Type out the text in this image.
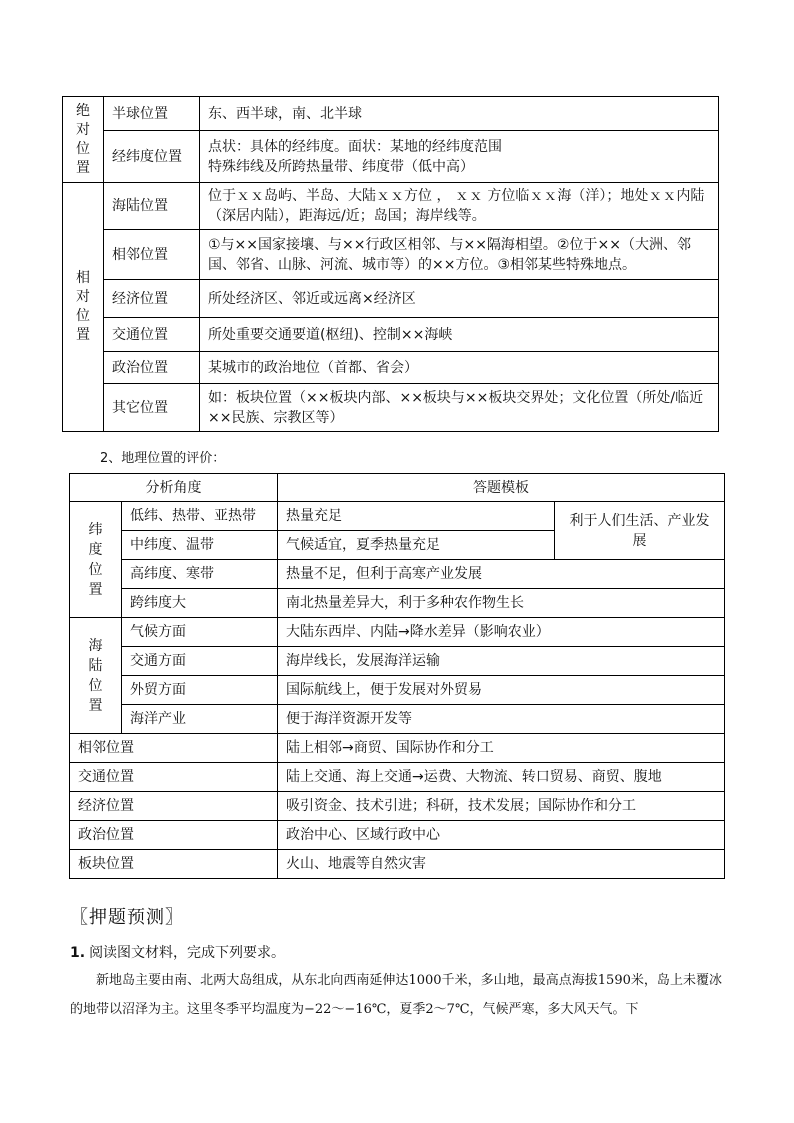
绝
对
位
置	半球位置	东、西半球，南、北半球

	经纬度位置	点状：具体的经纬度。面状：某地的经纬度范围
特殊纬线及所跨热量带、纬度带（低中高）

相
对
位
置	海陆位置	位于ｘｘ岛屿、半岛、大陆ｘｘ方位 ， ｘｘ 方位临ｘｘ海（洋）；地处ｘｘ内陆（深居内陆），距海远/近；岛国；海岸线等。

	相邻位置	①与××国家接壤、与××行政区相邻、与××隔海相望。②位于××（大洲、邻国、邻省、山脉、河流、城市等）的××方位。③相邻某些特殊地点。

	经济位置	所处经济区、邻近或远离×经济区

	交通位置	所处重要交通要道(枢纽)、控制××海峡

	政治位置	某城市的政治地位（首都、省会）

	其它位置	如：板块位置（××板块内部、××板块与××板块交界处；文化位置（所处/临近××民族、宗教区等）
2、地理位置的评价：
分析角度		答题模板	

纬
度
位
置	低纬、热带、亚热带	热量充足	利于人们生活、产业发展
	中纬度、温带	气候适宜，夏季热量充足	
	高纬度、寒带	热量不足，但利于高寒产业发展	
	跨纬度大	南北热量差异大，利于多种农作物生长	

海
陆
位
置	气候方面	大陆东西岸、内陆→降水差异（影响农业）	
	交通方面	海岸线长，发展海洋运输	
	外贸方面	国际航线上，便于发展对外贸易	
	海洋产业	便于海洋资源开发等	
相邻位置		陆上相邻→商贸、国际协作和分工	
交通位置		陆上交通、海上交通→运费、大物流、转口贸易、商贸、腹地	
经济位置		吸引资金、技术引进；科研，技术发展；国际协作和分工	
政治位置		政治中心、区域行政中心	
板块位置		火山、地震等自然灾害	
〖押题预测〗
1. 阅读图文材料，完成下列要求。
新地岛主要由南、北两大岛组成，从东北向西南延伸达1000千米，多山地，最高点海拔1590米，岛上未覆冰的地带以沼泽为主。这里冬季平均温度为−22～−16℃，夏季2～7℃，气候严寒，多大风天气。下
